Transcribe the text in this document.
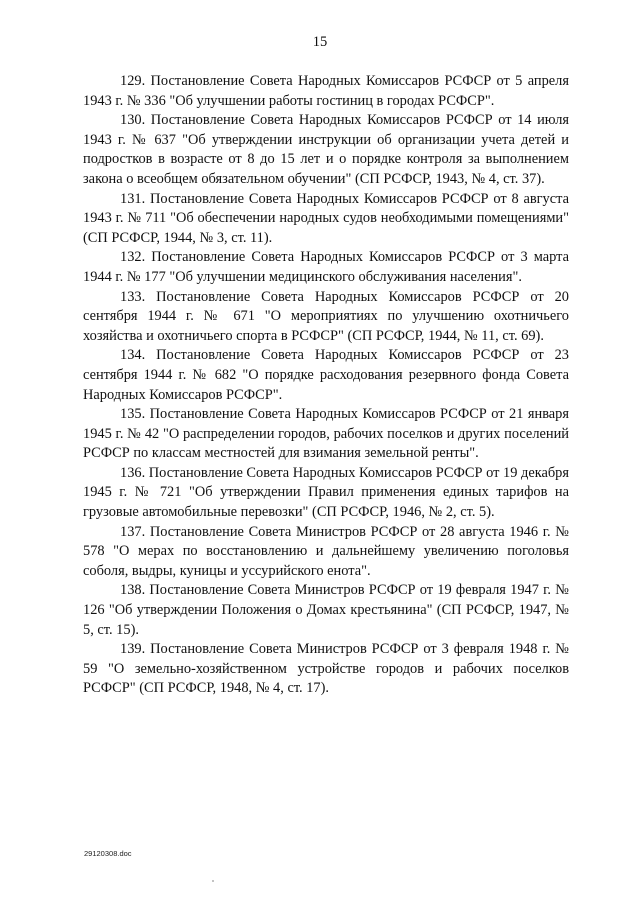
15

129. Постановление Совета Народных Комиссаров РСФСР от 5 апреля 1943 г. № 336 "Об улучшении работы гостиниц в городах РСФСР".

130. Постановление Совета Народных Комиссаров РСФСР от 14 июля 1943 г. № 637 "Об утверждении инструкции об организации учета детей и подростков в возрасте от 8 до 15 лет и о порядке контроля за выполнением закона о всеобщем обязательном обучении" (СП РСФСР, 1943, № 4, ст. 37).

131. Постановление Совета Народных Комиссаров РСФСР от 8 августа 1943 г. № 711 "Об обеспечении народных судов необходимыми помещениями" (СП РСФСР, 1944, № 3, ст. 11).

132. Постановление Совета Народных Комиссаров РСФСР от 3 марта 1944 г. № 177 "Об улучшении медицинского обслуживания населения".

133. Постановление Совета Народных Комиссаров РСФСР от 20 сентября 1944 г. № 671 "О мероприятиях по улучшению охотничьего хозяйства и охотничьего спорта в РСФСР" (СП РСФСР, 1944, № 11, ст. 69).

134. Постановление Совета Народных Комиссаров РСФСР от 23 сентября 1944 г. № 682 "О порядке расходования резервного фонда Совета Народных Комиссаров РСФСР".

135. Постановление Совета Народных Комиссаров РСФСР от 21 января 1945 г. № 42 "О распределении городов, рабочих поселков и других поселений РСФСР по классам местностей для взимания земельной ренты".

136. Постановление Совета Народных Комиссаров РСФСР от 19 декабря 1945 г. № 721 "Об утверждении Правил применения единых тарифов на грузовые автомобильные перевозки" (СП РСФСР, 1946, № 2, ст. 5).

137. Постановление Совета Министров РСФСР от 28 августа 1946 г. № 578 "О мерах по восстановлению и дальнейшему увеличению поголовья соболя, выдры, куницы и уссурийского енота".

138. Постановление Совета Министров РСФСР от 19 февраля 1947 г. № 126 "Об утверждении Положения о Домах крестьянина" (СП РСФСР, 1947, № 5, ст. 15).

139. Постановление Совета Министров РСФСР от 3 февраля 1948 г. № 59 "О земельно-хозяйственном устройстве городов и рабочих поселков РСФСР" (СП РСФСР, 1948, № 4, ст. 17).

29120308.doc
